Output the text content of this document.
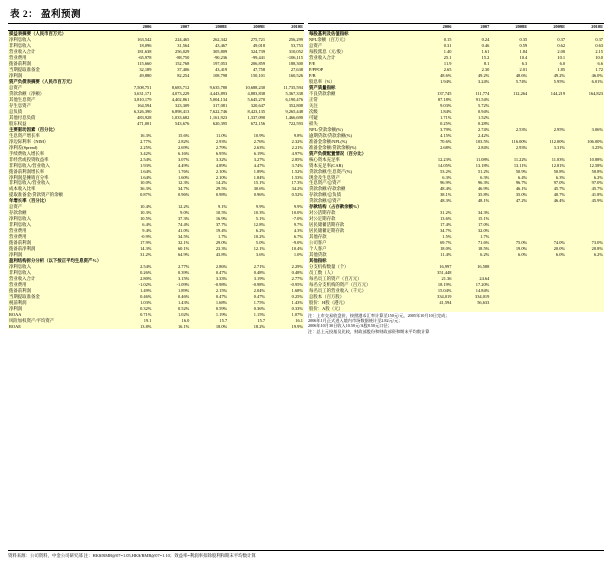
表 2： 盈利预测
	2006	2007	2008E	2009E	2010E
损益表摘要（人民币百万元）					
净利息收入	163,542	224,465	262,342	275,721	256,299
非利息收入	18,096	31,564	43,467	49,018	53,753
营业收入合计	181,638	256,029	305,809	324,739	310,052
营业费用	-65,978	-88,750	-90,236	-99,441	-106,115
拨备前利润	115,660	152,768	197,053	206,859	188,300
当期提取准备金	32,189	37,406	43,419	47,758	27,638
净利润	49,880	82,254	108,798	150,101	160,526
资产负债表摘要（人民币百万元）					
总资产	7,508,751	8,683,712	9,635,780	10,688,230	11,735,594
贷款余额（净额）	3,631,171	4,073,229	4,443,893	4,883,838	5,367,338
其他生息资产	3,810,179	4,402,861	5,004,134	5,645,270	6,190,476
存生息资产	164,594	323,309	317,081	320,647	352,808
总负债	6,326,390	6,898,413	7,622,746	8,423,135	9,265,448
其他付息负债	483,928	1,033,682	1,161,923	1,337,090	1,466,690
股东权益	471,001	543,676	620,395	672,156	722,593
主要驱动因素（百分比）					
生息资产增长率	16.3%	15.6%	11.0%	10.9%	9.8%
净边际利率（NIM）	2.77%	2.82%	2.93%	2.76%	2.32%
净利差(Spread)	2.25%	2.69%	2.79%	2.63%	2.21%
手续费收入增长率	3.42%	6.16%	6.95%	6.19%	4.97%
非经营或投资收益率	2.54%	3.07%	3.32%	3.27%	2.85%
非利息收入/营业收入	1.93%	4.49%	4.89%	4.47%	3.74%
拨备前利润增长率	1.64%	1.76%	2.10%	1.89%	1.52%
净利润是摊销百分率	1.64%	1.60%	2.10%	1.84%	1.53%
非利息收入/营业收入	10.0%	12.3%	14.2%	15.1%	17.3%
成本收入比率	36.3%	34.7%	29.5%	30.6%	34.2%
提取准备金/贷款资产的余额	0.87%	0.96%	0.98%	0.96%	0.52%
年增长率（百分比）					
总资产	10.4%	12.2%	9.1%	9.9%	9.9%
存款余额	10.3%	9.0%	10.5%	10.3%	10.0%
净利息收入	10.5%	37.3%	16.9%	5.1%	-7.0%
非利息收入	6.4%	74.4%	37.7%	12.8%	9.7%
营业费用	9.4%	41.0%	19.4%	6.2%	4.3%
营业费用	-0.9%	34.5%	1.7%	10.2%	6.7%
拨备前利润	17.9%	32.1%	29.0%	5.0%	-9.0%
拨备前净利润	14.3%	60.1%	23.3%	12.1%	10.4%
净利润	31.2%	64.9%	43.8%	3.6%	1.0%
盈利结构拆分分析（以下按正平均生息资产%）					
净利息收入	2.54%	2.77%	2.86%	2.71%	2.29%
非利息收入	0.26%	0.39%	0.47%	0.48%	0.48%
营业收入合计	2.80%	3.15%	3.33%	3.19%	2.77%
营业费用	-1.02%	-1.09%	-0.98%	-0.98%	-0.95%
拨备前利润	1.49%	1.89%	2.15%	2.04%	1.68%
当期提取准备金	0.46%	0.46%	0.47%	0.47%	0.25%
税前利润	1.03%	1.43%	1.68%	1.75%	1.43%
净利润	0.32%	0.52%	0.59%	0.36%	0.33%
ROAA	0.71%	1.02%	1.19%	1.15%	1.07%
风险加权资产/平均资产	19.1	16.0	15.7	15.7	16.1
ROAE	13.8%	16.1%	18.0%	18.2%	19.9%
	2006	2007	2008E	2009E	2010E
每股基利及估值指标					
NPL余额（百万元）	0.15	0.24	0.35	0.37	0.37
总资产	0.31	0.46	0.59	0.62	0.63
每股派息（元/股）	1.40	1.61	1.84	2.00	2.15
营业收入合计	25.1	15.2	10.4	10.1	10.0
P/E	11.9	8.1	6.3	6.0	6.6
P/PPOP	2.65	2.30	2.01	1.85	1.72
P/B	48.6%	49.2%	48.6%	49.2%	46.0%
股息率（%）	1.94%	3.24%	5.74%	5.95%	6.01%
资产质量指标					
不良贷款余额	137,745	111,774	112,264	144,219	164,823
正常	87.18%	91.54%			
关注	9.03%	5.72%			
次级	1.84%	0.94%			
可疑	1.71%	1.52%			
损失	0.25%	0.28%			
NPL/贷款余额(%)	3.79%	2.74%	2.53%	2.95%	3.06%
逾期贷款/贷款余额(%)	4.15%	2.42%			
准备金余额/NPL(%)	70.6%	103.5%	116.00%	112.00%	106.00%
准备金余额/贷款余额(%)	2.68%	2.84%	2.93%	3.31%	3.25%
资产负债配置情况（百分比）					
核心资本充足率	12.23%	11.08%	11.22%	11.03%	10.88%
资本充足率(CAR)	14.05%	13.18%	13.11%	12.81%	12.58%
贷款余额/生息资产(%)	53.2%	51.2%	50.9%	50.8%	50.8%
现金及生息资产	6.3%	6.3%	6.4%	6.3%	6.2%
生息资产/总资产	96.9%	96.3%	96.7%	97.0%	97.0%
贷款余额/存款余额	48.4%	46.9%	46.1%	45.7%	45.7%
存款余额/总负债	38.1%	35.8%	35.0%	40.7%	41.8%
贷款余额/总资产	48.3%	48.1%	47.2%	46.4%	45.9%
存款结构（占存款余额%）					
对公活期存款	31.2%	34.3%			
对公定期存款	13.6%	15.1%			
居民储蓄活期存款	17.4%	17.0%			
居民储蓄定期存款	34.7%	32.0%			
其他存款	1.5%	1.7%			
公司客户	69.7%	71.6%	75.0%	74.0%	73.0%
个人客户	18.0%	18.5%	19.0%	20.0%	20.8%
其他贷款	11.4%	6.2%	6.0%	6.0%	6.2%
其他指标					
分支机构数量（个）	16,997	16,588			
员工数（人）	351,448				
每名员工的资产（百万元）	21.36	24.64			
每名分支机构的资产（百万元）	18.19%	17.20%			
每名员工的营业收入（千元）	15.04%	14.84%			
总股本（百万股）	334,019	334,019			
股价：H股（港元）	41,594	56,633			
股价：A股（元）					
注：上市交易收盘价，按照港币汇率计算至150元/元，2005年10月10日完成；
2006年1月正式进入境内市场数据统计至2.82元/元；
2006年10月30日收入10.50元/A股8.50元口径；
注：总上元投基及比较，财政部股份和财政部资和期末平均数计算
资料来源：公司资料，中金公司研究部 注：HK$/RMB@07=1.05,HK$/RMB@07=1.10；效益率=利润率扣除股利和期末平均数计算
